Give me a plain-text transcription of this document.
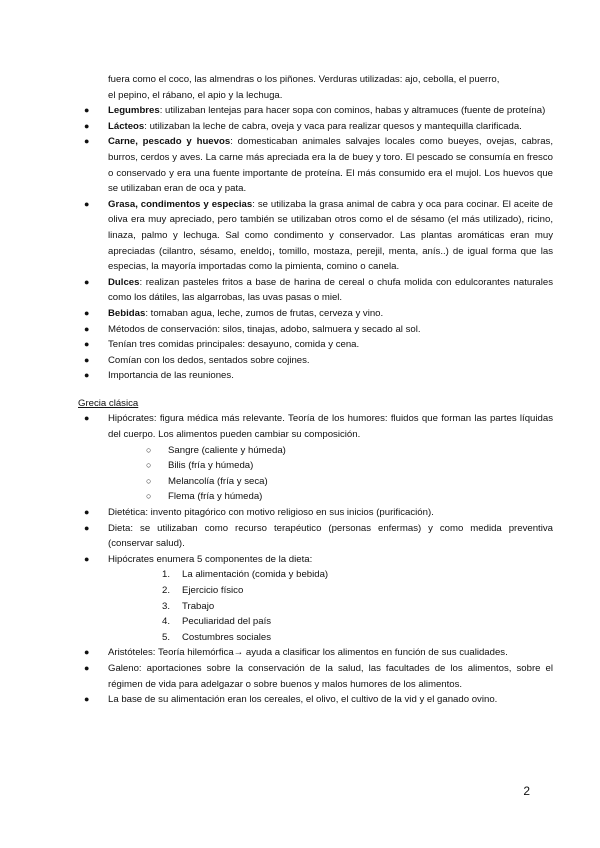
fuera como el coco, las almendras o los piñones. Verduras utilizadas: ajo, cebolla, el puerro,
el pepino, el rábano, el apio y la lechuga.
● Legumbres: utilizaban lentejas para hacer sopa con cominos, habas y altramuces (fuente de proteína)
● Lácteos: utilizaban la leche de cabra, oveja y vaca para realizar quesos y mantequilla clarificada.
● Carne, pescado y huevos: domesticaban animales salvajes locales como bueyes, ovejas, cabras, burros, cerdos y aves. La carne más apreciada era la de buey y toro. El pescado se consumía en fresco o conservado y era una fuente importante de proteína. El más consumido era el mujol. Los huevos que se utilizaban eran de oca y pata.
● Grasa, condimentos y especias: se utilizaba la grasa animal de cabra y oca para cocinar. El aceite de oliva era muy apreciado, pero también se utilizaban otros como el de sésamo (el más utilizado), ricino, linaza, palmo y lechuga. Sal como condimento y conservador. Las plantas aromáticas eran muy apreciadas (cilantro, sésamo, eneldo¡, tomillo, mostaza, perejil, menta, anís..) de igual forma que las especias, la mayoría importadas como la pimienta, comino o canela.
● Dulces: realizan pasteles fritos a base de harina de cereal o chufa molida con edulcorantes naturales como los dátiles, las algarrobas, las uvas pasas o miel.
● Bebidas: tomaban agua, leche, zumos de frutas, cerveza y vino.
● Métodos de conservación: silos, tinajas, adobo, salmuera y secado al sol.
● Tenían tres comidas principales: desayuno, comida y cena.
● Comían con los dedos, sentados sobre cojines.
● Importancia de las reuniones.
Grecia clásica
● Hipócrates: figura médica más relevante. Teoría de los humores: fluidos que forman las partes líquidas del cuerpo. Los alimentos pueden cambiar su composición.
○ Sangre (caliente y húmeda)
○ Bilis (fría y húmeda)
○ Melancolía (fría y seca)
○ Flema (fría y húmeda)
● Dietética: invento pitagórico con motivo religioso en sus inicios (purificación).
● Dieta: se utilizaban como recurso terapéutico (personas enfermas) y como medida preventiva (conservar salud).
● Hipócrates enumera 5 componentes de la dieta:
1. La alimentación (comida y bebida)
2. Ejercicio físico
3. Trabajo
4. Peculiaridad del país
5. Costumbres sociales
● Aristóteles: Teoría hilemórfica→ ayuda a clasificar los alimentos en función de sus cualidades.
● Galeno: aportaciones sobre la conservación de la salud, las facultades de los alimentos, sobre el régimen de vida para adelgazar o sobre buenos y malos humores de los alimentos.
● La base de su alimentación eran los cereales, el olivo, el cultivo de la vid y el ganado ovino.
2
